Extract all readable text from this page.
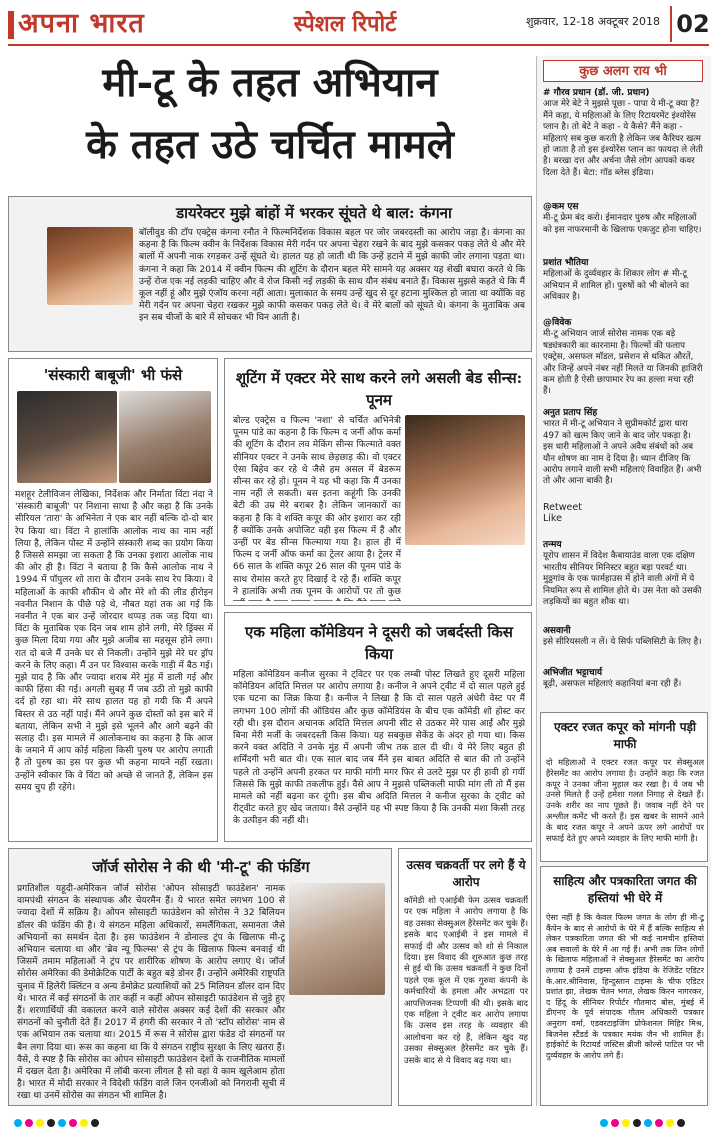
अपना भारत	स्पेशल रिपोर्ट	शुक्रवार, 12-18 अक्टूबर 2018 02
मी-टू के तहत अभियान
के तहत उठे चर्चित मामले
डायरेक्टर मुझे बांहों में भरकर सूंघते थे बाल: कंगना
बॉलीवुड की टॉप एक्ट्रेस कंगना रनौत ने फिल्मनिर्देशक विकास बहल पर जोर जबरदस्ती का आरोप जड़ा है। कंगना का कहना है कि फिल्म क्वीन के निर्देशक विकास मेरी गर्दन पर अपना चेहरा रखने के बाद मुझे कसकर पकड़ लेते थे और मेरे बालों में अपनी नाक रगड़कर उन्हें सूंघते थे। हालत यह हो जाती थी कि उन्हें हटाने में मुझे काफी जोर लगाना पड़ता था। कंगना ने कहा कि 2014 में क्वीन फिल्म की शूटिंग के दौरान बहल मेरे सामने यह अक्सर यह शेखी बघारा करते थे कि उन्हें रोज एक नई लड़की चाहिए और वे रोज किसी नई लड़की के साथ यौन संबंध बनाते हैं। विकास मुझसे कहते थे कि मैं कूल नहीं हूं और मुझे एंजॉय करना नहीं आता। मुलाकात के समय उन्हें खुद से दूर हटाना मुश्किल हो जाता था क्योंकि वह मेरी गर्दन पर अपना चेहरा रखकर मुझे काफी कसकर पकड़ लेते थे। वे मेरे बालों को सूंघते थे। कंगना के मुताबिक अब इन सब चीजों के बारे में सोचकर भी घिन आती है।
'संस्कारी बाबूजी' भी फंसे
मशहूर टेलीविजन लेखिका, निर्देशक और निर्माता विंटा नंदा ने 'संस्कारी बाबूजी' पर निशाना साधा है और कहा है कि उनके सीरियल 'तारा' के अभिनेता ने एक बार नहीं बल्कि दो-दो बार रेप किया था। विंटा ने हालांकि आलोक नाथ का नाम नहीं लिया है, लेकिन पोस्ट में उन्होंने संस्कारी शब्द का प्रयोग किया है जिससे समझा जा सकता है कि उनका इशारा आलोक नाथ की ओर ही है। विंटा ने बताया है कि कैसे आलोक नाथ ने 1994 में पॉपुलर शो तारा के दौरान उनके साथ रेप किया। वे महिलाओं के काफी शौकीन थे और मेरे शो की लीड हीरोइन नवनीत निशान के पीछे पड़े थे, नौबत यहां तक आ गई कि नवनीत ने एक बार उन्हें जोरदार थप्पड़ तक जड़ दिया था। विंटा के मुताबिक एक दिन जब शाम होने लगी, मेरे ड्रिंक्स में कुछ मिला दिया गया और मुझे अजीब सा महसूस होने लगा। रात दो बजे मैं उनके घर से निकली। उन्होंने मुझे मेरे घर ड्रॉप करने के लिए कहा। मैं उन पर विश्वास करके गाड़ी में बैठ गई। मुझे याद है कि और ज्यादा शराब मेरे मुंह में डाली गई और काफी हिंसा की गई। अगली सुबह मैं जब उठी तो मुझे काफी दर्द हो रहा था। मेरे साथ हालत यह हो गयी कि मैं अपने बिस्तर से उठ नहीं पाई। मैंने अपने कुछ दोस्तों को इस बारे में बताया, लेकिन सभी ने मुझे इसे भूलने और आगे बढ़ने की सलाह दी। इस मामले में आलोकनाथ का कहना है कि आज के जमाने में आप कोई महिला किसी पुरुष पर आरोप लगाती है तो पुरुष का इस पर कुछ भी कहना मायने नहीं रखता। उन्होंने स्वीकार कि वे विंटा को अच्छे से जानते हैं, लेकिन इस समय चुप ही रहेंगे।
शूटिंग में एक्टर मेरे साथ करने लगे असली बेड सीन्स: पूनम
बोल्ड एक्ट्रेस व फिल्म 'नशा' से चर्चित अभिनेत्री पूनम पांडे का कहना है कि फिल्म द जर्नी ऑफ कर्मा की शूटिंग के दौरान लव मेकिंग सीन्स फिल्माते वक्त सीनियर एक्टर ने उनके साथ छेड़छाड़ की। वो एक्टर ऐसा बिहेव कर रहे थे जैसे हम असल में बेडरूम सीन्स कर रहे हो। पूनम ने यह भी कहा कि मैं उनका नाम नहीं ले सकती। बस इतना कहूंगी कि उनकी बेटी की उम्र मेरे बराबर है। लेकिन जानकारों का कहना है कि वे शक्ति कपूर की ओर इशारा कर रही हैं क्योंकि उनके अपोजिट वही इस फिल्म में हैं और उन्हीं पर बेड सीन्स फिल्माया गया है। हाल ही में फिल्म द जर्नी ऑफ कर्मा का ट्रेलर आया है। ट्रेलर में 66 साल के शक्ति कपूर 26 साल की पूनम पांडे के साथ रोमांस करते हुए दिखाई दे रहे हैं। शक्ति कपूर ने हालांकि अभी तक पूनम के आरोपों पर तो कुछ
एक महिला कॉमेडियन ने दूसरी को जबर्दस्ती किस किया
महिला कॉमेडियन कनीज सुरका ने ट्विटर पर एक लम्बी पोस्ट लिखते हुए दूसरी महिला कॉमेडियन अदिति मित्तल पर आरोप लगाया है। कनीज ने अपने ट्वीट में दो साल पहले हुई एक घटना का जिक्र किया है। कनीज ने लिखा है कि दो साल पहले अंधेरी वेस्ट पर मैं लगभग 100 लोगों की ऑडियंस और कुछ कॉमेडियंस के बीच एक कॉमेडी शो होस्ट कर रही थी। इस दौरान अचानक अदिति मित्तल अपनी सीट से उठकर मेरे पास आईं और मुझे बिना मेरी मर्जी के जबरदस्ती किस किया। यह सबकुछ सेकेंड के अंदर हो गया था। किस करने वक्त अदिति ने उनके मुंह में अपनी जीभ तक डाल दी थी। ये मेरे लिए बहुत ही शर्मिंदगी भरी बात थी। एक साल बाद जब मैंने इस बाबत अदिति से बात की तो उन्होंने पहले तो उन्होंने अपनी हरकत पर माफी मांगी मगर फिर से उलटे मुझ पर ही हावी हो गयीं जिससे कि मुझे काफी तकलीफ हुई। वैसे आप ने मुझसे पब्लिकली माफी मांग ली तो मैं इस मामले को नहीं बढ़ना कर दूंगी। इस बीच अदिति मित्तल ने कनीज सुरका के ट्वीट को रीट्वीट करते हुए खेद जताया। वैसे उन्होंने यह भी स्पष्ट किया है कि उनकी मंशा किसी तरह के उत्पीड़न की नहीं थी।
जॉर्ज सोरोस ने की थी 'मी-टू' की फंडिंग
प्रगतिशील यहूदी-अमेरिकन जॉर्ज सोरोस 'ओपन सोसाइटी फाउंडेशन' नामक वामपंथी संगठन के संस्थापक और चेयरमैन हैं। ये भारत समेत लगभग 100 से ज्यादा देशों में सक्रिय है। ओपन सोसाइटी फाउंडेशन को सोरोस ने 32 बिलियन डॉलर की फंडिंग की है। ये संगठन महिला अधिकारों, समलैंगिकता, समानता जैसे अभियानों का समर्थन देता है। इस फाउंडेशन ने डोनाल्ड ट्रंप के खिलाफ मी-टू अभियान चलाया था और 'ब्रेव न्यू फिल्म्स' से ट्रंप के खिलाफ फिल्म बनवाई थी जिसमें तमाम महिलाओं ने ट्रंप पर शारीरिक शोषण के आरोप लगाए थे। जॉर्ज सोरोस अमेरिका की डेमोक्रेटिक पार्टी के बहुत बड़े डोनर हैं। उन्होंने अमेरिकी राष्ट्रपति चुनाव में हिलेरी क्लिंटन व अन्य डेमोक्रेट प्रत्याशियों को 25 मिलियन डॉलर दान दिए थे। भारत में कई संगठनों के तार कहीं न कहीं ओपन सोसाइटी फाउंडेशन से जुड़े हुए हैं। शरणार्थियों की वकालत करने वाले सोरोस अक्सर कई देशों की सरकार और संगठनों को चुनौती देते हैं। 2017 में हंगरी की सरकार ने तो 'स्टॉप सोरोस' नाम से एक अभियान तक चलाया था। 2015 में रूस ने सोरोस द्वारा फंडेड दो संगठनों पर बैन लगा दिया था। रूस का कहना था कि ये संगठन राष्ट्रीय सुरक्षा के लिए खतरा हैं। वैसे, ये स्पष्ट है कि सोरोस का ओपन सोसाइटी फाउंडेशन देशों के राजनीतिक मामलों में दखल देता है। अमेरिका में लॉबी करना लीगल है सो वहां ये काम खुलेआम होता है। भारत में मोदी सरकार ने विदेशी फंडिंग वाले जिन एनजीओ को निगरानी सूची में रखा था उनमें सोरोस का संगठन भी शामिल है।
उत्सव चक्रवर्ती पर लगे हैं ये आरोप
कॉमेडी शो एआईबी फेम उत्सव चक्रवर्ती पर एक महिला ने आरोप लगाया है कि वह उसका सेक्सुअल हैरेसमेंट कर चुके हैं। इसके बाद एआईबी ने इस मामले में सफाई दी और उत्सव को शो से निकाल दिया। इस विवाद की शुरुआत कुछ तरह से हुई थी कि उत्सव चक्रवर्ती ने कुछ दिनों पहले एक कूल में एक गुरुवा कंपनी के कर्मचारियों के हमला और अभद्रता पर आपत्तिजनक टिप्पणी की थी। इसके बाद एक महिला ने ट्वीट कर आरोप लगाया कि उत्सव इस तरह के व्यवहार की आलोचना कर रहे हैं, लेकिन खुद यह उसका सेक्सुअल हैरेसमेंट कर चुके हैं। उसके बाद से ये विवाद बढ़ गया था।
कुछ अलग राय भी
# गौरव प्रधान (डॉ. जी. प्रधान)
आज मेरे बेटे ने मुझसे पूछा - पापा ये मी-टू क्या है? मैंने कहा, ये महिलाओं के लिए रिटायरमेंट इंश्योरेंस प्लान है। तो बेटे ने कहा - ये कैसे? मैंने कहा - महिलाएं सब कुछ करती है लेकिन जब कैरियर खत्म हो जाता है तो इस इंश्योरेंस प्लान का फायदा ले लेती है। बरखा दत्त और अर्चना जैसे लोग आपको कवर दिला देते हैं। बेटा: गॉड ब्लेस इंडिया।
@कम एस
मी-टू फ्रेम बंद करो। ईमानदार पुरुष और महिलाओं को इस नाफरमानी के खिलाफ एकजुट होना चाहिए।
प्रशांत भौतिया
महिलाओं के दुर्व्यवहार के शिकार लोग # मी-टू अभियान में शामिल हों। पुरुषों को भी बोलने का अधिकार है।
@विवेक
मी-टू अभियान जार्ज सोरोस नामक एक बड़े षड्यंत्रकारी का कारनामा है। फिल्मों की फलाप एक्ट्रेस, असफल मॉडल, प्रसेशन से थकित औरतें, और जिन्हें अपने नंबर नहीं मिलते या जिनकी हाजिरी कम होती है ऐसी छापामार रेप का हल्ला मचा रही हैं।
अनुत प्रताप सिंह
भारत में मी-टू अभियान ने सुप्रीमकोर्ट द्वारा धारा 497 को खत्म किए जाने के बाद जोर पकड़ा है। इस धारी महिलाओं ने अपने अवैध संबंधों को अब यौन शोषण का नाम दे दिया है। ध्यान दीजिए कि आरोप लगाने वाली सभी महिलाएं विवाहित हैं। अभी तो और आना बाकी है।
Retweet
Like
तन्मय
यूरोप शासन में विदेश कैबायाउंड वाला एक दक्षिण भारतीय सीनियर मिनिस्टर बहुत बड़ा परवर्ट था। मुठ्ठगांव के एक फार्महाउस में होने वाली अंगों में ये नियमित रूप से शामिल होते थे। उस नेता को उसकी लड़कियों का बहुत शौक था।
असवानी
इसे सीरियसली न लें। ये सिर्फ पब्लिसिटी के लिए है।
अभिजीत भट्टाचार्य
बूढ़ी, असफल महिलाएं कहानियां बना रही हैं।
एक्टर रजत कपूर को मांगनी पड़ी माफी
दो महिलाओं ने एक्टर रजत कपूर पर सेक्सुअल हैरेसमेंट का आरोप लगाया है। उन्होंने कहा कि रजत कपूर ने उनका जीना मुहाल कर रखा है। ये जब भी उनसे मिलते हैं उन्हें हमेशा गलत निगाह से देखते हैं। उनके शरीर का नाप पूछते हैं। जवाब नहीं देने पर अश्लील कमेंट भी करते हैं। इस खबर के सामने आने के बाद रजत कपूर ने अपने ऊपर लगे आरोपों पर सफाई देते हुए अपने व्यवहार के लिए माफी मांगी है।
साहित्य और पत्रकारिता जगत की हस्तियां भी घेरे में
ऐसा नहीं है कि केवल फिल्म जगत के लोग ही मी-टू कैंपेन के बाद से आरोपों के घेरे में हैं बल्कि साहित्य से लेकर पत्रकारिता जगत की भी कई नामचीन हस्तियां अब सवालों के घेरे में आ गई हैं। अभी तक जिन लोगों के खिलाफ महिलाओं ने सेक्सुअल हैरेसमेंट का आरोप लगाया है उनमें टाइम्स ऑफ इंडिया के रेजिडेंट एडिटर के.आर.श्रीनिवास, हिन्दुस्तान टाइम्स के चीफ एडिटर प्रशांत झा, लेखक चेतन भगत, लेखक किरन नागरकर, द हिंदू के सीनियर रिपोर्टर गौतमाद बोस, मुंबई में डीएनए के पूर्व संपादक गौतम अधिकारी पत्रकार अनुराग वर्मा, एडवरटाइजिंग प्रोफेशनल मिहिर मिश्र, बिजनेस स्टैंडर्ड के पत्रकार मयंक जैन भी शामिल हैं। हाईकोर्ट के रिटायर्ड जस्टिस ब्रीजी कोल्से पाटिल पर भी दुर्व्यवहार के आरोप लगे हैं।
